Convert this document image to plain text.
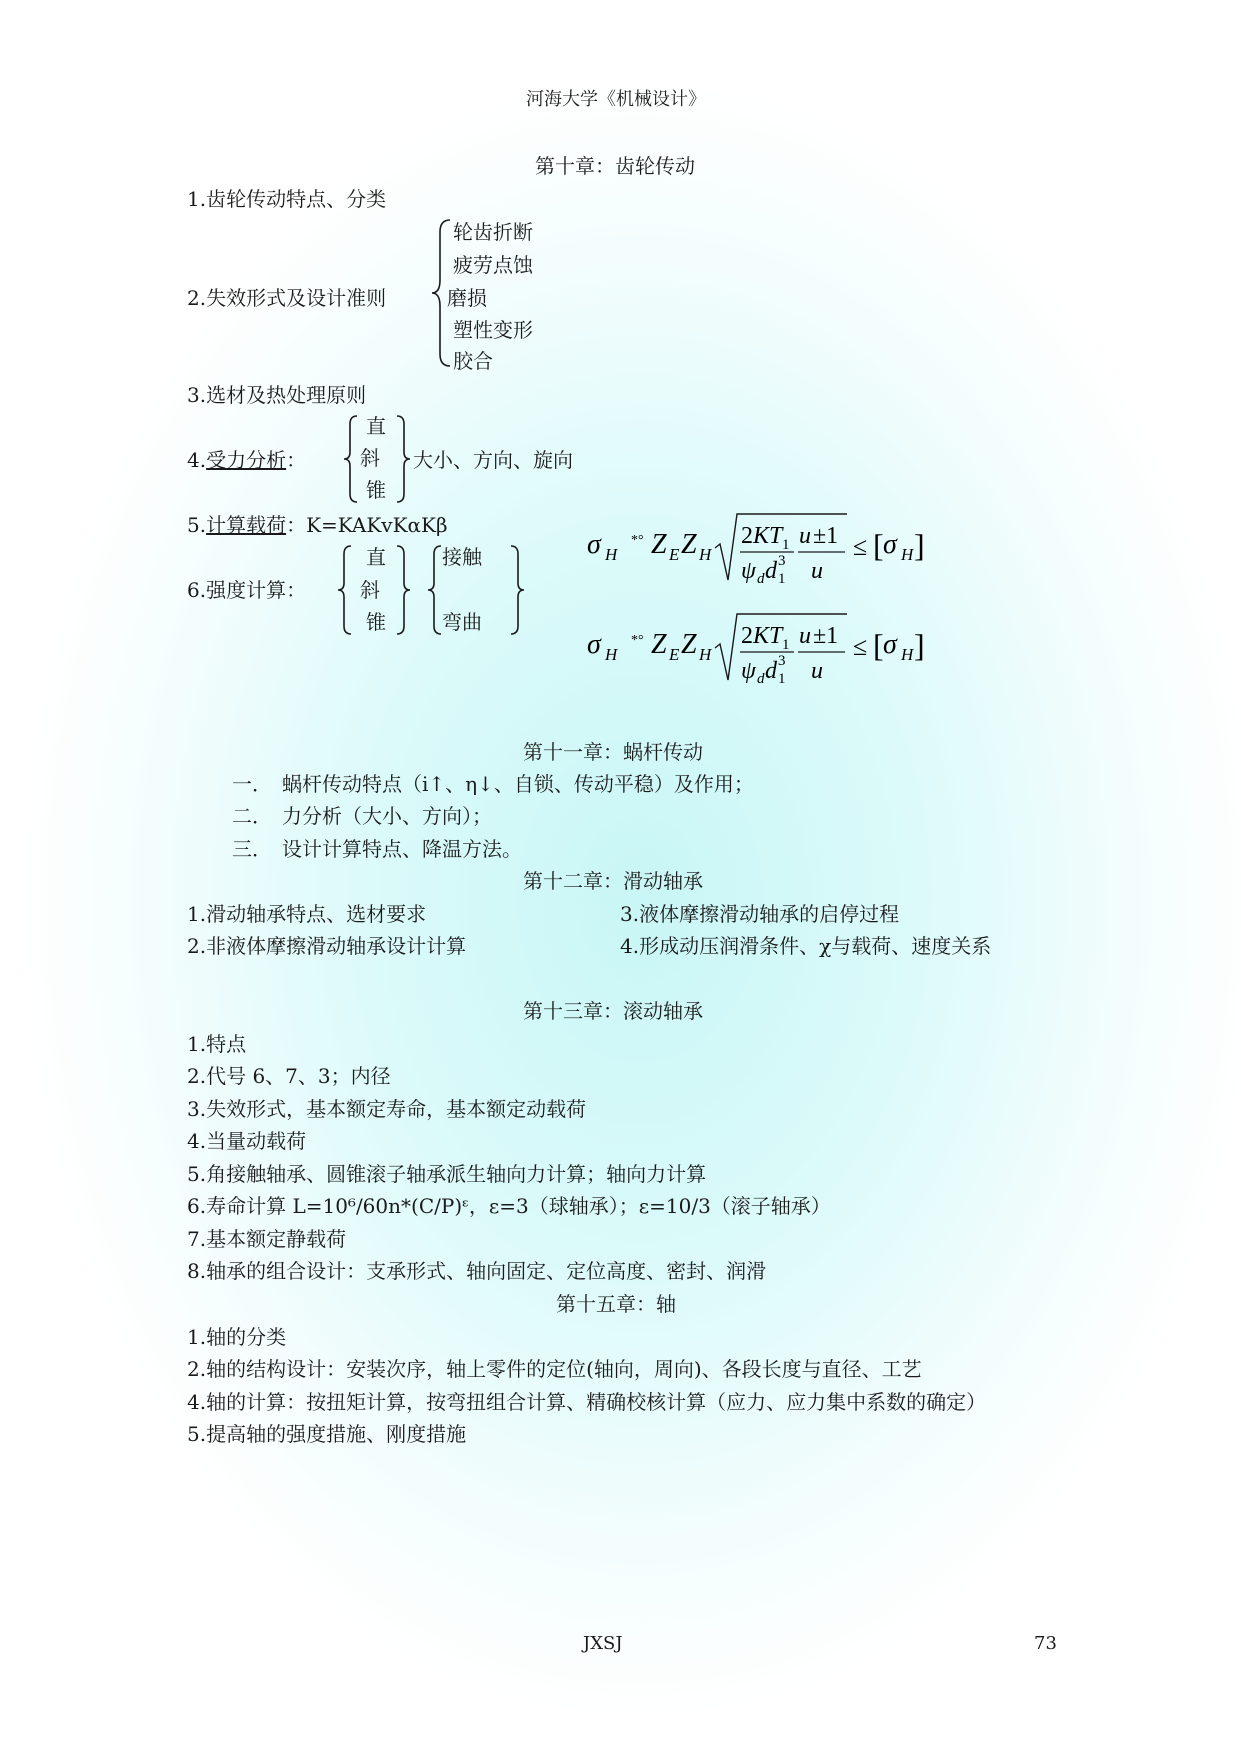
河海大学《机械设计》
第十章：齿轮传动
1.齿轮传动特点、分类
2.失效形式及设计准则
轮齿折断
疲劳点蚀
磨损
塑性变形
胶合
3.选材及热处理原则
4.受力分析：
直
斜
锥
大小、方向、旋向
5.计算载荷：K=KAKvKαKβ
6.强度计算：
直
斜
锥
接触
弯曲
σ H
*° Z E Z H
2 KT 1
ψ d d 1
3
u ±1
u
≤ [ σ H ]
σ H
*° Z E Z H
2 KT 1
ψ d d 1
3
u ±1
u
≤ [ σ H ]
第十一章：蜗杆传动
一． 蜗杆传动特点（i↑、η↓、自锁、传动平稳）及作用；
二． 力分析（大小、方向）；
三． 设计计算特点、降温方法。
第十二章：滑动轴承
1.滑动轴承特点、选材要求
2.非液体摩擦滑动轴承设计计算
3.液体摩擦滑动轴承的启停过程
4.形成动压润滑条件、χ与载荷、速度关系
第十三章：滚动轴承
1.特点
2.代号 6、7、3；内径
3.失效形式，基本额定寿命，基本额定动载荷
4.当量动载荷
5.角接触轴承、圆锥滚子轴承派生轴向力计算；轴向力计算
6.寿命计算 L=10⁶/60n*(C/P)ᵋ，ε=3（球轴承）；ε=10/3（滚子轴承）
7.基本额定静载荷
8.轴承的组合设计：支承形式、轴向固定、定位高度、密封、润滑
第十五章：轴
1.轴的分类
2.轴的结构设计：安装次序，轴上零件的定位(轴向，周向)、各段长度与直径、工艺
4.轴的计算：按扭矩计算，按弯扭组合计算、精确校核计算（应力、应力集中系数的确定）
5.提高轴的强度措施、刚度措施
JXSJ	73
